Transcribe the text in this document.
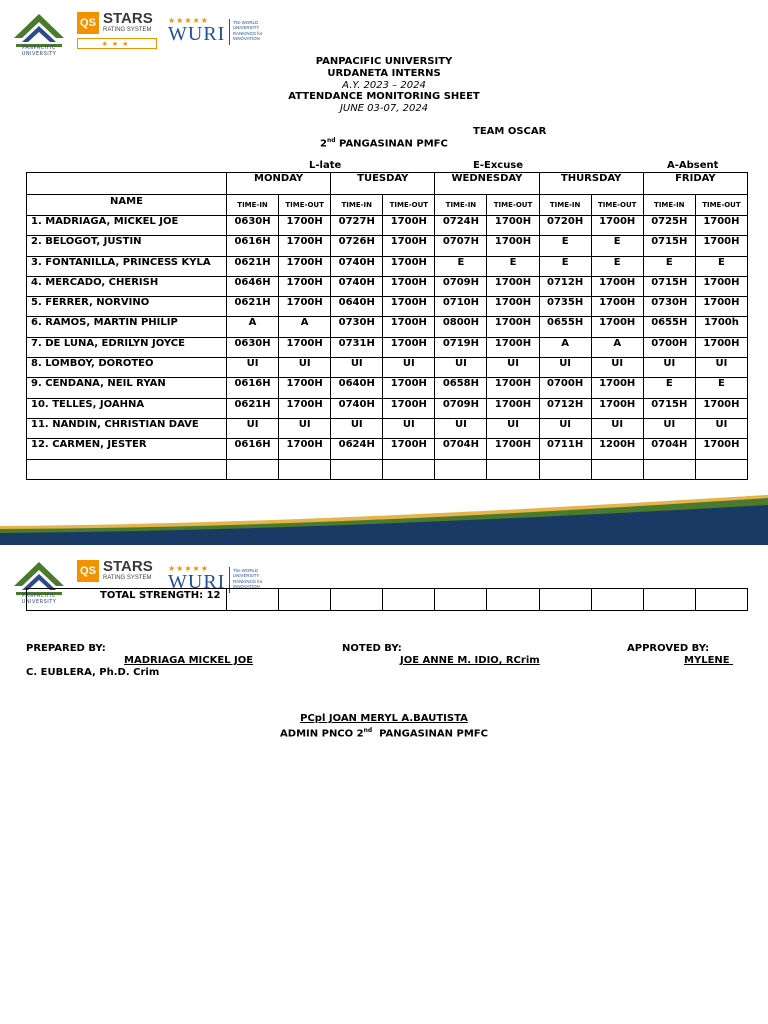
PANPACIFIC UNIVERSITY
QS STARS
RATING SYSTEM
★★★
★★★★★
WURI
The WORLD UNIVERSITY RANKINGS for INNOVATION
PANPACIFIC UNIVERSITY
URDANETA INTERNS
A.Y. 2023 – 2024
ATTENDANCE MONITORING SHEET
JUNE 03-07, 2024
TEAM OSCAR
2nd PANGASINAN PMFC
L-late	E-Excuse	A-Absent
	MONDAY		TUESDAY		WEDNESDAY		THURSDAY		FRIDAY	
NAME	TIME-IN	TIME-OUT	TIME-IN	TIME-OUT	TIME-IN	TIME-OUT	TIME-IN	TIME-OUT	TIME-IN	TIME-OUT
1. MADRIAGA, MICKEL JOE	0630H	1700H	0727H	1700H	0724H	1700H	0720H	1700H	0725H	1700H
2. BELOGOT, JUSTIN	0616H	1700H	0726H	1700H	0707H	1700H	E	E	0715H	1700H
3. FONTANILLA, PRINCESS KYLA	0621H	1700H	0740H	1700H	E	E	E	E	E	E
4. MERCADO, CHERISH	0646H	1700H	0740H	1700H	0709H	1700H	0712H	1700H	0715H	1700H
5. FERRER, NORVINO	0621H	1700H	0640H	1700H	0710H	1700H	0735H	1700H	0730H	1700H
6. RAMOS, MARTIN PHILIP	A	A	0730H	1700H	0800H	1700H	0655H	1700H	0655H	1700h
7. DE LUNA, EDRILYN JOYCE	0630H	1700H	0731H	1700H	0719H	1700H	A	A	0700H	1700H
8. LOMBOY, DOROTEO	UI	UI	UI	UI	UI	UI	UI	UI	UI	UI
9. CENDANA, NEIL RYAN	0616H	1700H	0640H	1700H	0658H	1700H	0700H	1700H	E	E
10. TELLES, JOAHNA	0621H	1700H	0740H	1700H	0709H	1700H	0712H	1700H	0715H	1700H
11. NANDIN, CHRISTIAN DAVE	UI	UI	UI	UI	UI	UI	UI	UI	UI	UI
12. CARMEN, JESTER	0616H	1700H	0624H	1700H	0704H	1700H	0711H	1200H	0704H	1700H

PANPACIFIC UNIVERSITY
QS STARS
RATING SYSTEM
★★★★★
WURI
The WORLD UNIVERSITY RANKINGS for INNOVATION
TOTAL STRENGTH: 12										
PREPARED BY:	NOTED BY:	APPROVED BY:
MADRIAGA MICKEL JOE	JOE ANNE M. IDIO, RCrim	MYLENE
C. EUBLERA, Ph.D. Crim
PCpl JOAN MERYL A.BAUTISTA
ADMIN PNCO 2nd  PANGASINAN PMFC
